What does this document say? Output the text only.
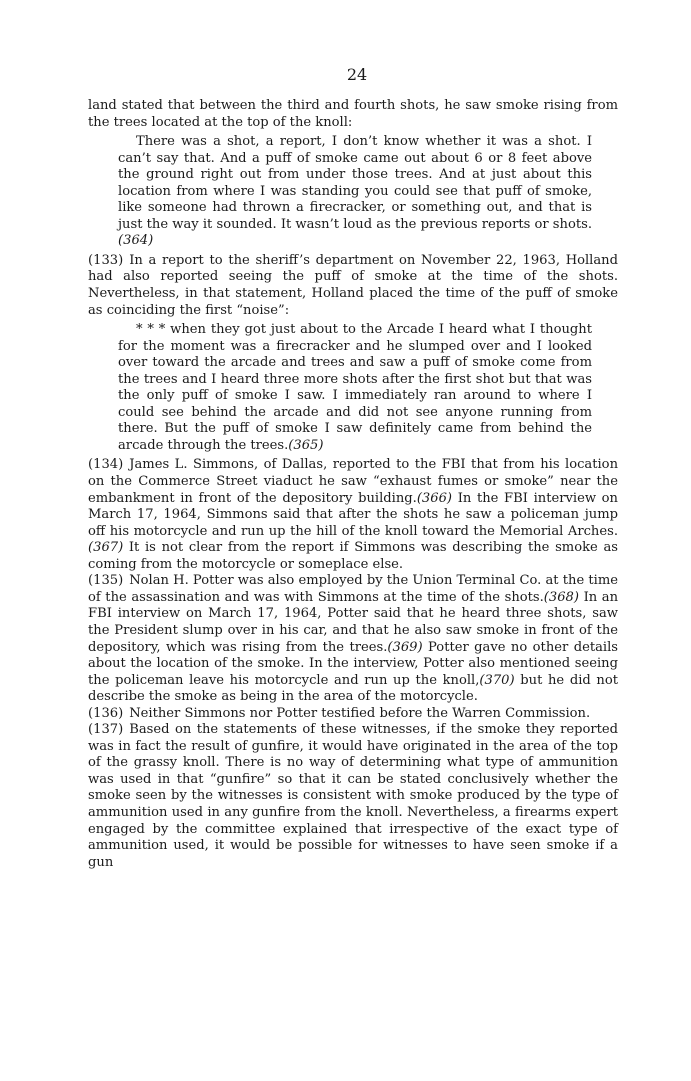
24

land stated that between the third and fourth shots, he saw smoke rising from the trees located at the top of the knoll:

There was a shot, a report, I don’t know whether it was a shot. I can’t say that. And a puff of smoke came out about 6 or 8 feet above the ground right out from under those trees. And at just about this location from where I was standing you could see that puff of smoke, like someone had thrown a firecracker, or something out, and that is just the way it sounded. It wasn’t loud as the previous reports or shots.(364)

(133) In a report to the sheriff’s department on November 22, 1963, Holland had also reported seeing the puff of smoke at the time of the shots. Nevertheless, in that statement, Holland placed the time of the puff of smoke as coinciding the first “noise”:

* * * when they got just about to the Arcade I heard what I thought for the moment was a firecracker and he slumped over and I looked over toward the arcade and trees and saw a puff of smoke come from the trees and I heard three more shots after the first shot but that was the only puff of smoke I saw. I immediately ran around to where I could see behind the arcade and did not see anyone running from there. But the puff of smoke I saw definitely came from behind the arcade through the trees.(365)

(134) James L. Simmons, of Dallas, reported to the FBI that from his location on the Commerce Street viaduct he saw “exhaust fumes or smoke” near the embankment in front of the depository building.(366) In the FBI interview on March 17, 1964, Simmons said that after the shots he saw a policeman jump off his motorcycle and run up the hill of the knoll toward the Memorial Arches.(367) It is not clear from the report if Simmons was describing the smoke as coming from the motorcycle or someplace else.

(135) Nolan H. Potter was also employed by the Union Terminal Co. at the time of the assassination and was with Simmons at the time of the shots.(368) In an FBI interview on March 17, 1964, Potter said that he heard three shots, saw the President slump over in his car, and that he also saw smoke in front of the depository, which was rising from the trees.(369) Potter gave no other details about the location of the smoke. In the interview, Potter also mentioned seeing the policeman leave his motorcycle and run up the knoll,(370) but he did not describe the smoke as being in the area of the motorcycle.

(136) Neither Simmons nor Potter testified before the Warren Commission.

(137) Based on the statements of these witnesses, if the smoke they reported was in fact the result of gunfire, it would have originated in the area of the top of the grassy knoll. There is no way of determining what type of ammunition was used in that “gunfire” so that it can be stated conclusively whether the smoke seen by the witnesses is consistent with smoke produced by the type of ammunition used in any gunfire from the knoll. Nevertheless, a firearms expert engaged by the committee explained that irrespective of the exact type of ammunition used, it would be possible for witnesses to have seen smoke if a gun
